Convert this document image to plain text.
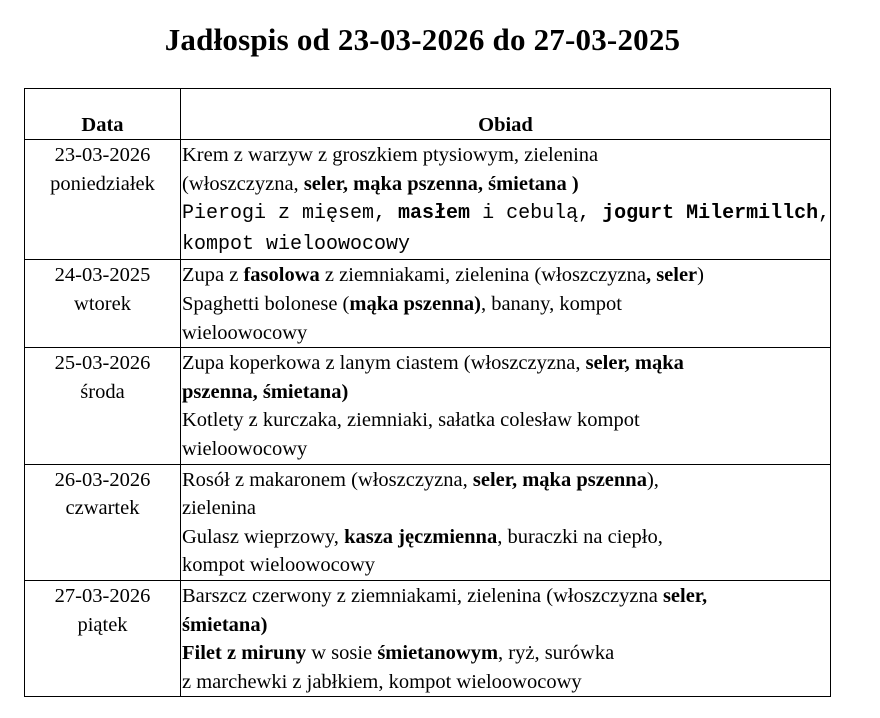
Jadłospis od 23-03-2026 do 27-03-2025
Data	Obiad

23-03-2026
poniedziałek	Krem z warzyw z groszkiem ptysiowym, zielenina
(włoszczyzna, seler, mąka pszenna, śmietana )
Pierogi z mięsem, masłem i cebulą, jogurt Milermillch,
kompot wieloowocowy

24-03-2025
wtorek	Zupa z fasolowa z ziemniakami, zielenina (włoszczyzna, seler)
Spaghetti bolonese (mąka pszenna), banany, kompot
wieloowocowy

25-03-2026
środa	Zupa koperkowa z lanym ciastem (włoszczyzna, seler, mąka
pszenna, śmietana)
Kotlety z kurczaka, ziemniaki, sałatka colesław kompot
wieloowocowy

26-03-2026
czwartek	Rosół z makaronem (włoszczyzna, seler, mąka pszenna),
zielenina
Gulasz wieprzowy, kasza jęczmienna, buraczki na ciepło,
kompot wieloowocowy

27-03-2026
piątek	Barszcz czerwony z ziemniakami, zielenina (włoszczyzna seler,
śmietana)
Filet z miruny w sosie śmietanowym, ryż, surówka
z marchewki z jabłkiem, kompot wieloowocowy
